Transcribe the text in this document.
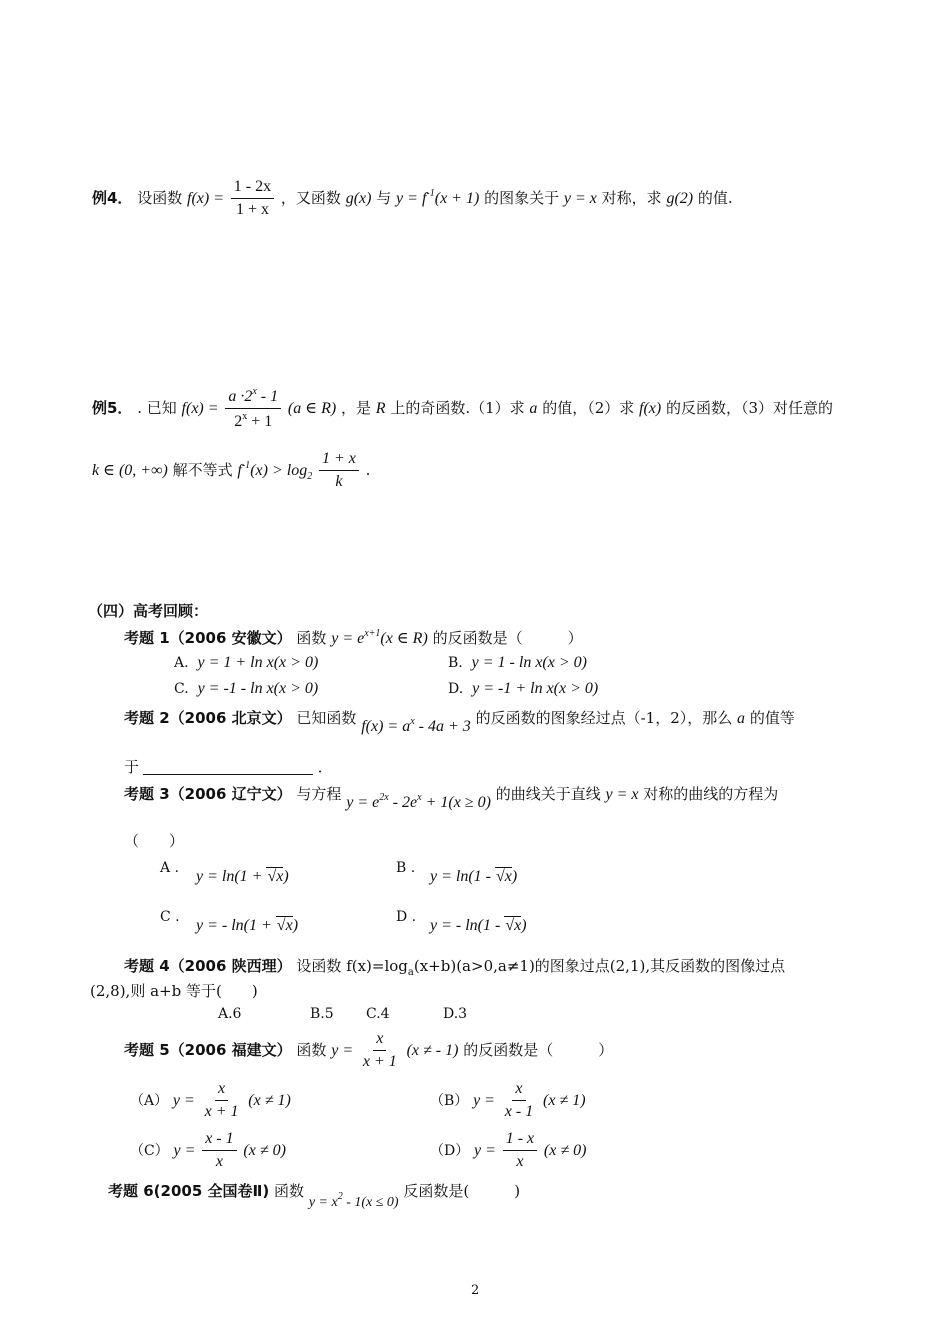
例4． 设函数 $f(x) = \frac{1 - 2x}{1 + x}$ ，又函数 g(x) 与 $y = f^{-1}(x + 1)$ 的图象关于 y = x 对称，求 g(2) 的值.
例5． . 已知 $f(x) = \frac{a \cdot 2^x - 1}{2^x + 1} (a$ ∈ R) ，是 R 上的奇函数.（1）求 a 的值，（2）求 f(x) 的反函数，（3）对任意的
k ∈ (0, +∞) 解不等式 $f^{-1}(x) > \log_2 \frac{1 + x}{k}$ .
（四）高考回顾：
考题 1（2006 安徽文） 函数 $y = e^{x+1}(x$ ∈ R) 的反函数是（　　　）
A. y = 1 + ln x(x > 0)	B. y = 1 - ln x(x > 0)
C. y = -1 - ln x(x > 0)	D. y = -1 + ln x(x > 0)
考题 2（2006 北京文） 已知函数 $f(x) = a^x - 4a + 3$ 的反函数的图象经过点（-1，2），那么 a 的值等
于	．
考题 3（2006 辽宁文） 与方程 $y = e^{2x} - 2e^x + 1(x \ge 0)$ 的曲线关于直线 y = x 对称的曲线的方程为
（　　）
A . y = ln(1 + √x)	B . y = ln(1 - √x)
C . y = - ln(1 + √x)	D . y = - ln(1 - √x)
考题 4（2006 陕西理） 设函数 $f(x)=\log_a(x+b)(a>0,a\ne 1)$的图象过点(2,1),其反函数的图像过点
(2,8),则 a+b 等于(　　)
A.6	B.5 C.4	D.3
考题 5（2006 福建文） 函数 $y = \frac{x}{x + 1} (x$ ≠ - 1) 的反函数是（　　　）
（A） $y = \frac{x}{x + 1} (x \ne 1)$	（B） $y = \frac{x}{x - 1} (x \ne 1)$
（C） $y = \frac{x - 1}{x} (x \ne 0)$	（D） $y = \frac{1 - x}{x} (x \ne 0)$
考题 6(2005 全国卷Ⅱ) 函数 $y = x^2 - 1(x \le 0)$ 反函数是(　　　)
2
